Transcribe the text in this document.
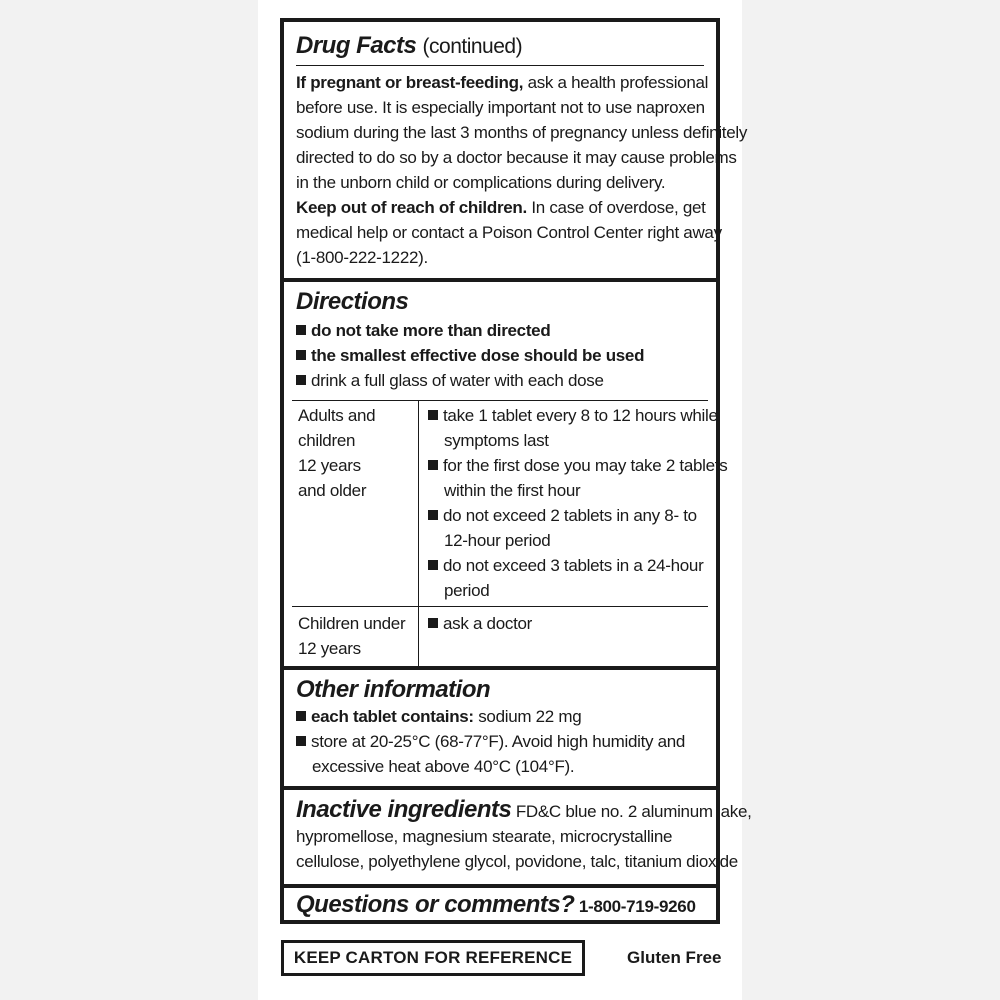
Drug Facts (continued)
If pregnant or breast-feeding, ask a health professional
before use. It is especially important not to use naproxen
sodium during the last 3 months of pregnancy unless definitely
directed to do so by a doctor because it may cause problems
in the unborn child or complications during delivery.
Keep out of reach of children. In case of overdose, get
medical help or contact a Poison Control Center right away
(1-800-222-1222).
Directions
do not take more than directed
the smallest effective dose should be used
drink a full glass of water with each dose
Adults and
children
12 years
and older
take 1 tablet every 8 to 12 hours while
symptoms last
for the first dose you may take 2 tablets
within the first hour
do not exceed 2 tablets in any 8- to
12-hour period
do not exceed 3 tablets in a 24-hour
period
Children under
12 years
ask a doctor
Other information
each tablet contains: sodium 22 mg
store at 20-25°C (68-77°F). Avoid high humidity and
excessive heat above 40°C (104°F).
Inactive ingredients FD&C blue no. 2 aluminum lake,
hypromellose, magnesium stearate, microcrystalline
cellulose, polyethylene glycol, povidone, talc, titanium dioxide
Questions or comments? 1-800-719-9260
KEEP CARTON FOR REFERENCE	Gluten Free
